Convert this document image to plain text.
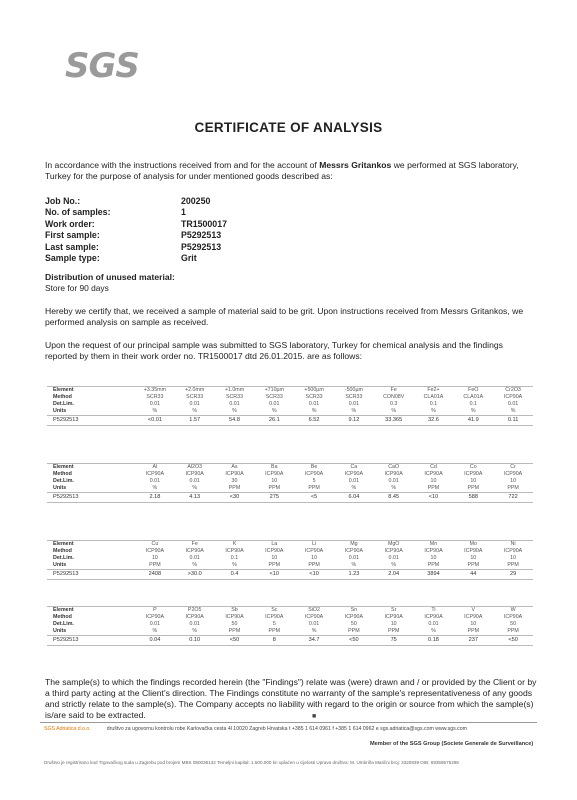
SGS
CERTIFICATE OF ANALYSIS

In accordance with the instructions received from and for the account of Messrs Gritankos we performed at SGS laboratory, Turkey for the purpose of analysis for under mentioned goods described as:

Job No.:	200250
No. of samples:	1
Work order:	TR1500017
First sample:	P5292513
Last sample:	P5292513
Sample type:	Grit
Distribution of unused material:
Store for 90 days

Hereby we certify that, we received a sample of material said to be grit. Upon instructions received from Messrs Gritankos, we performed analysis on sample as received.

Upon the request of our principal sample was submitted to SGS laboratory, Turkey for chemical analysis and the findings reported by them in their work order no. TR1500017 dtd 26.01.2015. are as follows:

Element	+3.35mm	+2.0mm	+1.0mm	+710µm	+500µm	-500µm	Fe	Fe2+	FeO	Cr2O3
Method	SCR33	SCR33	SCR33	SCR33	SCR33	SCR33	CON08V	CLA01A	CLA01A	ICP90A
Det.Lim.	0.01	0.01	0.01	0.01	0.01	0.01	0.3	0.1	0.1	0.01
Units	%	%	%	%	%	%	%	%	%	%
P5292513	<0.01	1.57	54.8	26.1	6.52	9.12	33.365	32.6	41.9	0.11
Element	Al	Al2O3	As	Ba	Be	Ca	CaO	Cd	Co	Cr
Method	ICP90A	ICP90A	ICP90A	ICP90A	ICP90A	ICP90A	ICP90A	ICP90A	ICP90A	ICP90A
Det.Lim.	0.01	0.01	30	10	5	0.01	0.01	10	10	10
Units	%	%	PPM	PPM	PPM	%	%	PPM	PPM	PPM
P5292513	2.18	4.13	<30	275	<5	6.04	8.45	<10	588	722
Element	Cu	Fe	K	La	Li	Mg	MgO	Mn	Mo	Ni
Method	ICP90A	ICP90A	ICP90A	ICP90A	ICP90A	ICP90A	ICP90A	ICP90A	ICP90A	ICP90A
Det.Lim.	10	0.01	0.1	10	10	0.01	0.01	10	10	10
Units	PPM	%	%	PPM	PPM	%	%	PPM	PPM	PPM
P5292513	2408	>30.0	0.4	<10	<10	1.23	2.04	3894	44	29
Element	P	P2O5	Sb	Sc	SiO2	Sn	Sr	Ti	V	W
Method	ICP90A	ICP90A	ICP90A	ICP90A	ICP90A	ICP90A	ICP90A	ICP90A	ICP90A	ICP90A
Det.Lim.	0.01	0.01	50	5	0.01	50	10	0.01	10	50
Units	%	%	PPM	PPM	%	PPM	PPM	%	PPM	PPM
P5292513	0.04	0.10	<50	8	34.7	<50	75	0.18	237	<50

The sample(s) to which the findings recorded herein (the "Findings") relate was (were) drawn and / or provided by the Client or by a third party acting at the Client's direction. The Findings constitute no warranty of the sample's representativeness of any goods and strictly relate to the sample(s). The Company accepts no liability with regard to the origin or source from which the sample(s) is/are said to be extracted.	■
SGS Adriatica d.o.o.	društvo za ugovornu kontrolu robe Karlovačka cesta 4l 10020 Zagreb Hrvatska t +385 1 614 0961 f +385 1 614 0962 e sgs.adriatica@sgs.com www.sgs.com
Member of the SGS Group (Societe Generale de Surveillance)
Društvo je registrirano kod Trgovačkog suda u Zagrebu pod brojem MBS 080036132 Temeljni kapital: 1.500.000 kn uplaćen u cijelosti Uprava društva: M. Umbriña Matični broj: 3320839 OIB: 69359575298
